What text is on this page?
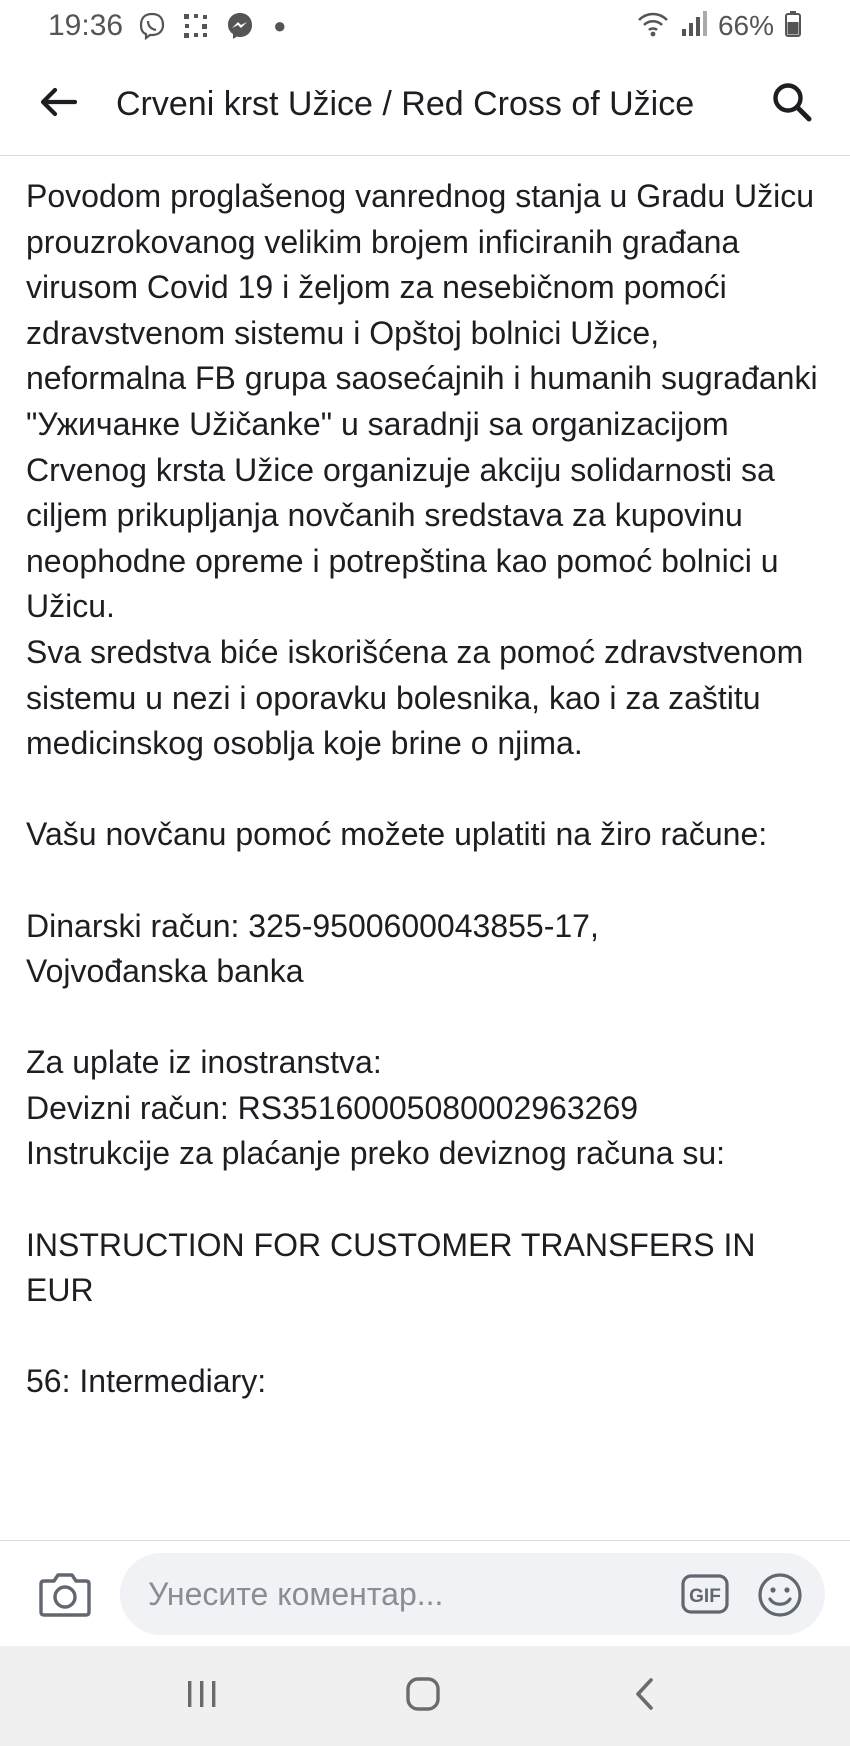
19:36	●	66%
Crveni krst Užice / Red Cross of Užice

Povodom proglašenog vanrednog stanja u Gradu Užicu prouzrokovanog velikim brojem inficiranih građana virusom Covid 19 i željom za nesebičnom pomoći zdravstvenom sistemu i Opštoj bolnici Užice, neformalna FB grupa saosećajnih i humanih sugrađanki "Ужичанке Užičanke" u saradnji sa organizacijom Crvenog krsta Užice organizuje akciju solidarnosti sa ciljem prikupljanja novčanih sredstava za kupovinu neophodne opreme i potrepština kao pomoć bolnici u Užicu.
Sva sredstva biće iskorišćena za pomoć zdravstvenom sistemu u nezi i oporavku bolesnika, kao i za zaštitu medicinskog osoblja koje brine o njima.

Vašu novčanu pomoć možete uplatiti na žiro račune:

Dinarski račun: 325-9500600043855-17,
Vojvođanska banka

Za uplate iz inostranstva:
Devizni račun: RS35160005080002963269
Instrukcije za plaćanje preko deviznog računa su:

INSTRUCTION FOR CUSTOMER TRANSFERS IN EUR

56: Intermediary:

Унесите коментар...	GIF
